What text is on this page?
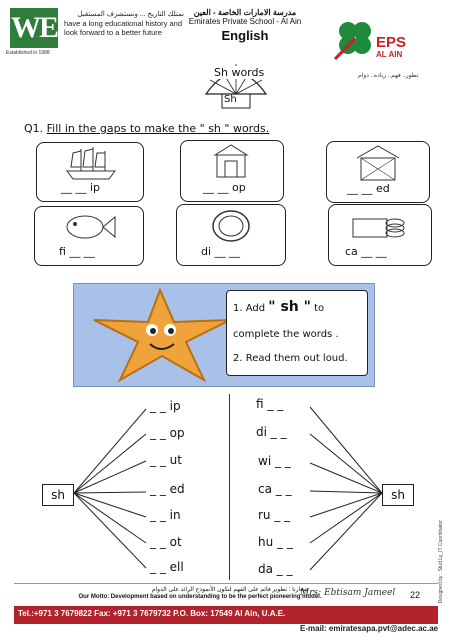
WE
Established in 1988
نمتلك التاريخ ... ونستشرف المستقبل
have a long educational history and look forward to a better future
مدرسة الامارات الخاصة - العين
Emirates Private School - Al Ain
English	EPS
AL AIN
تطور.. فهم.. ريادة.. دوام
Sh words
Sh
Q1. Fill in the gaps to make the " sh " words.
__ __ ip	__ __ op	__ __ ed
fi __ __	di __ __	ca __ __
1. Add " sh " to
complete the words .
2. Read them out loud.
_ _ ip
_ _ op
_ _ ut
_ _ ed
_ _ in
_ _ ot
_ _ ell
fi _ _
di _ _
wi _ _
ca _ _
ru _ _
hu _ _
da _ _
sh	sh
Designed by : Stud Ly_IT Coordinator
شعارنا : تطوير فائم على الفهم لتكون الأنموذج الرائد على الدوام
Our Motto: Development based on understanding to be the perfect pioneering model.
Mrs: Ebtisam Jameel 22
Tel.:+971 3 7679822 Fax: +971 3 7679732 P.O. Box: 17549 Al Ain, U.A.E.
E-mail: emiratesapa.pvt@adec.ac.ae
